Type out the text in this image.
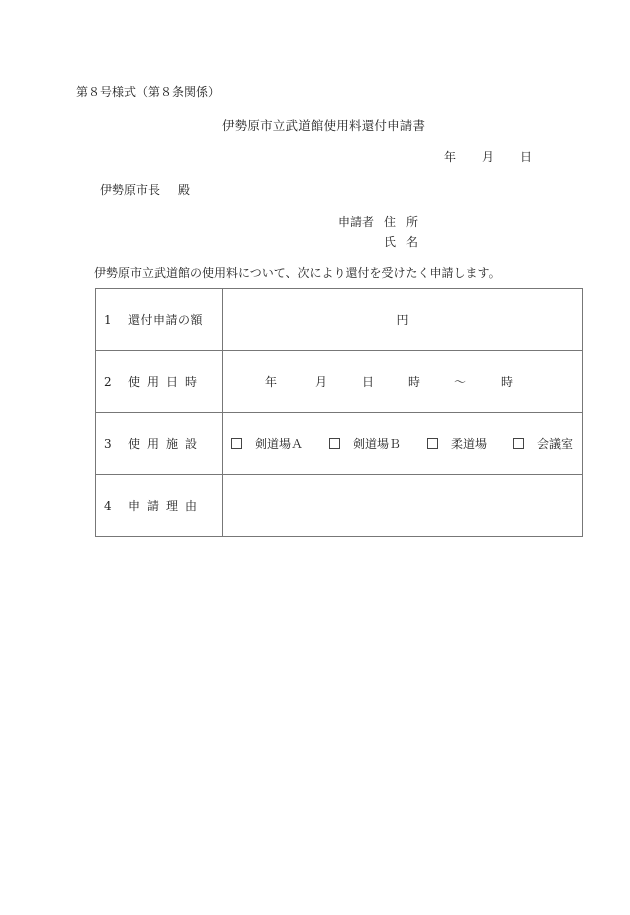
第８号様式（第８条関係）
伊勢原市立武道館使用料還付申請書
年 月 日
伊勢原市長 殿
申請者 住 所
氏 名
伊勢原市立武道館の使用料について、次により還付を受けたく申請します。
1 還付申請の額	円
2 使用日時	年	月	日	時	～	時

3 使用施設	剣道場Ａ 剣道場Ｂ 柔道場 会議室

4 申請理由	
